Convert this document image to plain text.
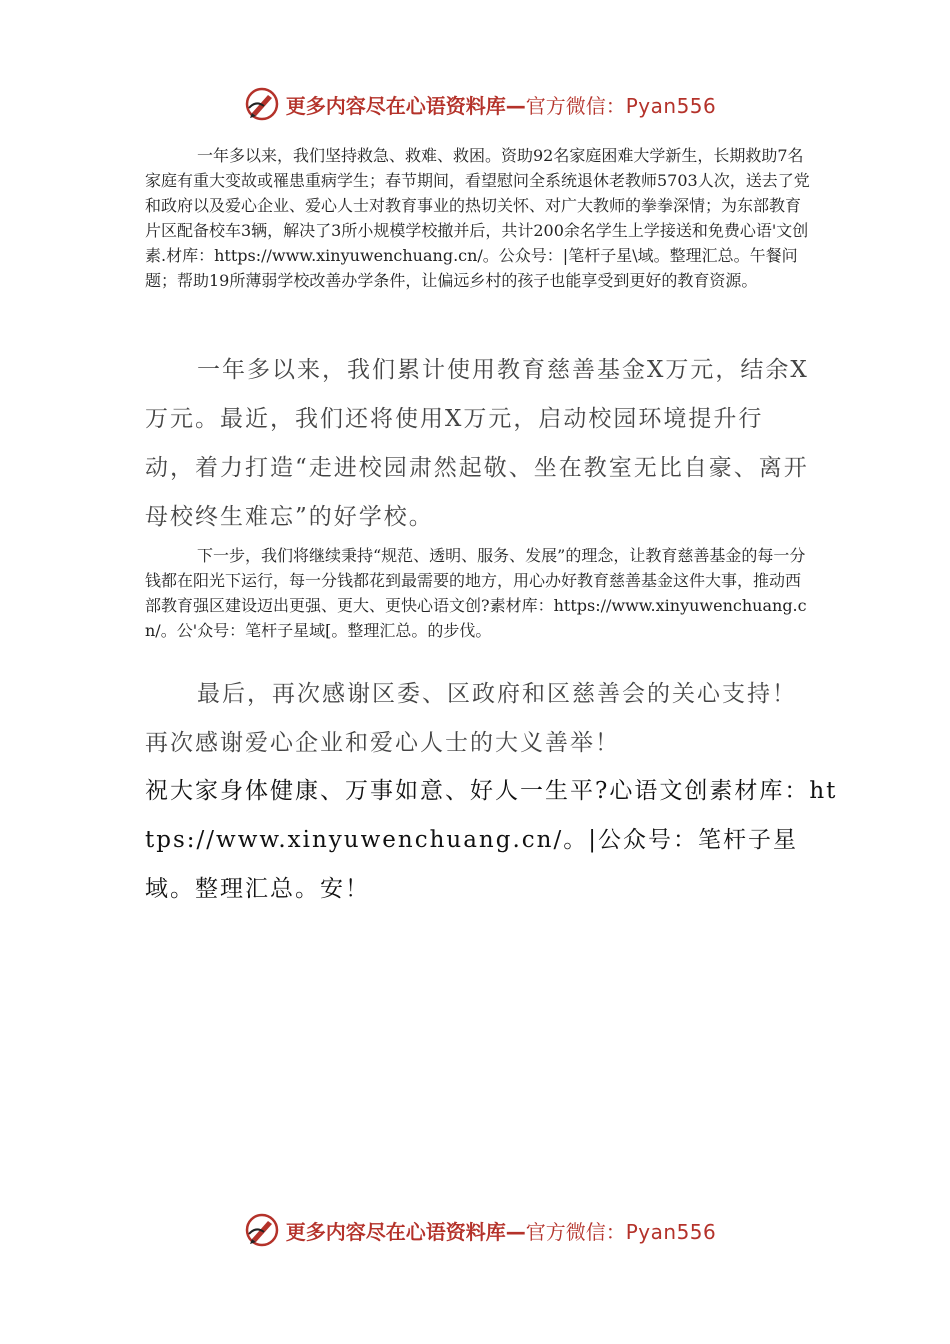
更多内容尽在心语资料库—官方微信：Pyan556

一年多以来，我们坚持救急、救难、救困。资助92名家庭困难大学新生，长期救助7名家庭有重大变故或罹患重病学生；春节期间，看望慰问全系统退休老教师5703人次，送去了党和政府以及爱心企业、爱心人士对教育事业的热切关怀、对广大教师的拳拳深情；为东部教育片区配备校车3辆，解决了3所小规模学校撤并后，共计200余名学生上学接送和免费心语'文创素.材库：https://www.xinyuwenchuang.cn/。公众号：|笔杆子星\域。整理汇总。午餐问题；帮助19所薄弱学校改善办学条件，让偏远乡村的孩子也能享受到更好的教育资源。

一年多以来，我们累计使用教育慈善基金X万元，结余X万元。最近，我们还将使用X万元，启动校园环境提升行动，着力打造“走进校园肃然起敬、坐在教室无比自豪、离开母校终生难忘”的好学校。

下一步，我们将继续秉持“规范、透明、服务、发展”的理念，让教育慈善基金的每一分钱都在阳光下运行，每一分钱都花到最需要的地方，用心办好教育慈善基金这件大事，推动西部教育强区建设迈出更强、更大、更快心语文创?素材库：https://www.xinyuwenchuang.cn/。公'众号：笔杆子星域[。整理汇总。的步伐。

最后，再次感谢区委、区政府和区慈善会的关心支持！再次感谢爱心企业和爱心人士的大义善举！

祝大家身体健康、万事如意、好人一生平?心语文创素材库：https://www.xinyuwenchuang.cn/。|公众号：笔杆子星域。整理汇总。安！

更多内容尽在心语资料库—官方微信：Pyan556
